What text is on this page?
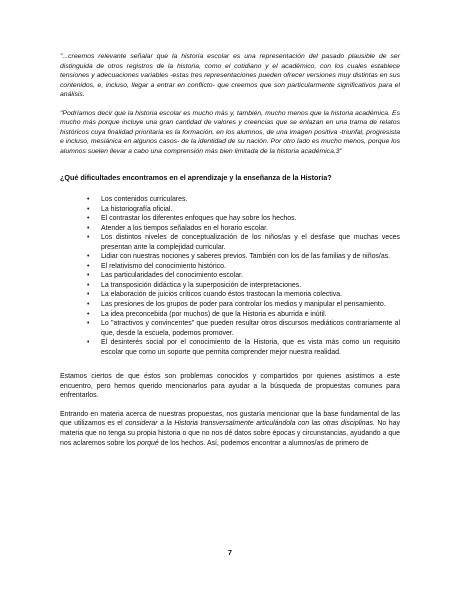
"...creemos relevante señalar que la historia escolar es una representación del pasado plausible de ser distinguida de otros registros de la historia, como el cotidiano y el académico, con los cuales establece tensiones y adecuaciones variables -estas tres representaciones pueden ofrecer versiones muy distintas en sus contenidos, e, incluso, llegar a entrar en conflicto- que creemos que son particularmente significativos para el análisis.

"Podríamos decir que la historia escolar es mucho más y, también, mucho menos que la historia académica. Es mucho más porque incluye una gran cantidad de valores y creencias que se enlazan en una trama de relatos históricos cuya finalidad prioritaria es la formación, en los alumnos, de una imagen positiva -triunfal, progresista e incluso, mesiánica en algunos casos- de la identidad de su nación. Por otro lado es mucho menos, porque los alumnos suelen llevar a cabo una comprensión más bien limitada de la historia académica.3"

¿Qué dificultades encontramos en el aprendizaje y la enseñanza de la Historia?
• Los contenidos curriculares.
• La historiografía oficial.
• El contrastar los diferentes enfoques que hay sobre los hechos.
• Atender a los tiempos señalados en el horario escolar.
• Los distintos niveles de conceptualización de los niños/as y el desfase que muchas veces presentan ante la complejidad curricular.
• Lidiar con nuestras nociones y saberes previos. También con los de las familias y de niños/as.
• El relativismo del conocimiento histórico.
• Las particularidades del conocimiento escolar.
• La transposición didáctica y la superposición de interpretaciones.
• La elaboración de juicios críticos cuando éstos trastocan la memoria colectiva.
• Las presiones de los grupos de poder para controlar los medios y manipular el pensamiento.
• La idea preconcebida (por muchos) de que la Historia es aburrida e inútil.
• Lo "atractivos y convincentes" que pueden resultar otros discursos mediáticos contrariamente al que, desde la escuela, podemos promover.
• El desinterés social por el conocimiento de la Historia, que es vista más como un requisito escolar que como un soporte que permita comprender mejor nuestra realidad.

Estamos ciertos de que éstos son problemas conocidos y compartidos por quienes asistimos a este encuentro, pero hemos querido mencionarlos para ayudar a la búsqueda de propuestas comunes para enfrentarlos.

Entrando en materia acerca de nuestras propuestas, nos gustaría mencionar que la base fundamental de las que utilizamos es el considerar a la Historia transversalmente articulándola con las otras disciplinas. No hay materia que no tenga su propia historia o que no nos dé datos sobre épocas y circunstancias, ayudando a que nos aclaremos sobre los porqué de los hechos. Así, podemos encontrar a alumnos/as de primero de

7
